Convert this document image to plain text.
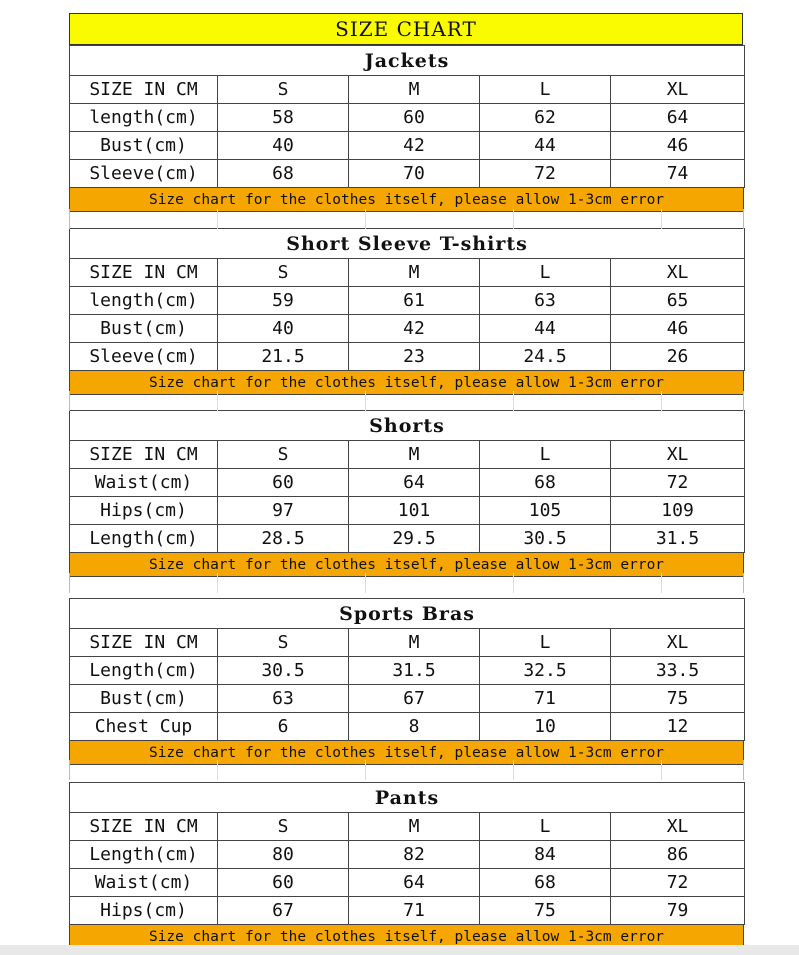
SIZE CHART
Jackets				
SIZE IN CM	S	M	L	XL
length(cm)	58	60	62	64
Bust(cm)	40	42	44	46
Sleeve(cm)	68	70	72	74
Size chart for the clothes itself, please allow 1-3cm error
Short Sleeve T-shirts				
SIZE IN CM	S	M	L	XL
length(cm)	59	61	63	65
Bust(cm)	40	42	44	46
Sleeve(cm)	21.5	23	24.5	26
Size chart for the clothes itself, please allow 1-3cm error
Shorts				
SIZE IN CM	S	M	L	XL
Waist(cm)	60	64	68	72
Hips(cm)	97	101	105	109
Length(cm)	28.5	29.5	30.5	31.5
Size chart for the clothes itself, please allow 1-3cm error
Sports Bras				
SIZE IN CM	S	M	L	XL
Length(cm)	30.5	31.5	32.5	33.5
Bust(cm)	63	67	71	75
Chest Cup	6	8	10	12
Size chart for the clothes itself, please allow 1-3cm error
Pants				
SIZE IN CM	S	M	L	XL
Length(cm)	80	82	84	86
Waist(cm)	60	64	68	72
Hips(cm)	67	71	75	79
Size chart for the clothes itself, please allow 1-3cm error
